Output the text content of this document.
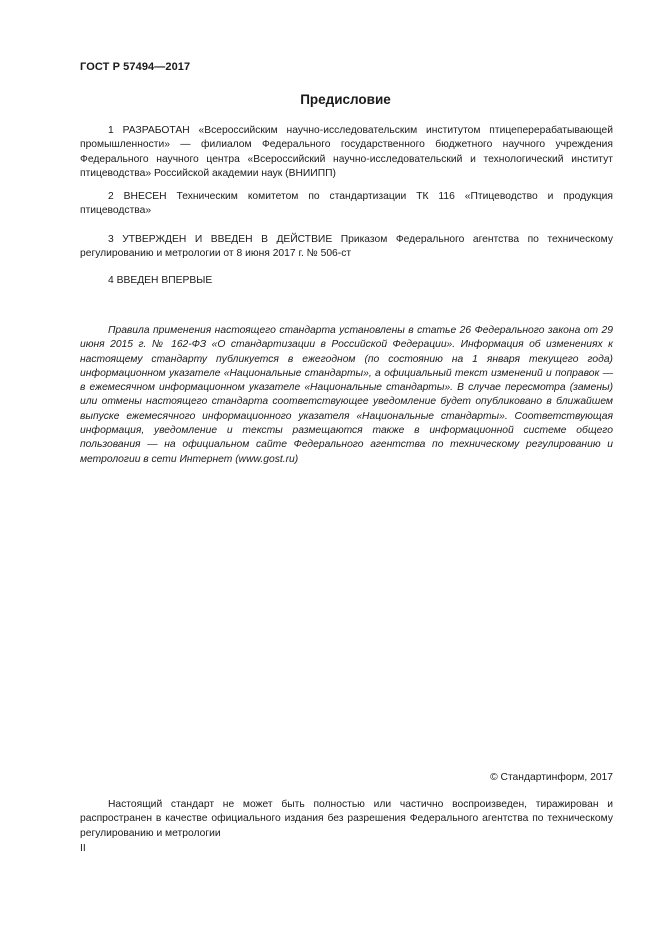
ГОСТ Р 57494—2017
Предисловие

1 РАЗРАБОТАН «Всероссийским научно-исследовательским институтом птицеперерабатывающей промышленности» — филиалом Федерального государственного бюджетного научного учреждения Федерального научного центра «Всероссийский научно-исследовательский и технологический институт птицеводства» Российской академии наук (ВНИИПП)

2 ВНЕСЕН Техническим комитетом по стандартизации ТК 116 «Птицеводство и продукция птицеводства»

3 УТВЕРЖДЕН И ВВЕДЕН В ДЕЙСТВИЕ Приказом Федерального агентства по техническому регулированию и метрологии от 8 июня 2017 г. № 506-ст

4 ВВЕДЕН ВПЕРВЫЕ

Правила применения настоящего стандарта установлены в статье 26 Федерального закона от 29 июня 2015 г. № 162-ФЗ «О стандартизации в Российской Федерации». Информация об изменениях к настоящему стандарту публикуется в ежегодном (по состоянию на 1 января текущего года) информационном указателе «Национальные стандарты», а официальный текст изменений и поправок — в ежемесячном информационном указателе «Национальные стандарты». В случае пересмотра (замены) или отмены настоящего стандарта соответствующее уведомление будет опубликовано в ближайшем выпуске ежемесячного информационного указателя «Национальные стандарты». Соответствующая информация, уведомление и тексты размещаются также в информационной системе общего пользования — на официальном сайте Федерального агентства по техническому регулированию и метрологии в сети Интернет (www.gost.ru)

© Стандартинформ, 2017

Настоящий стандарт не может быть полностью или частично воспроизведен, тиражирован и распространен в качестве официального издания без разрешения Федерального агентства по техническому регулированию и метрологии

II
